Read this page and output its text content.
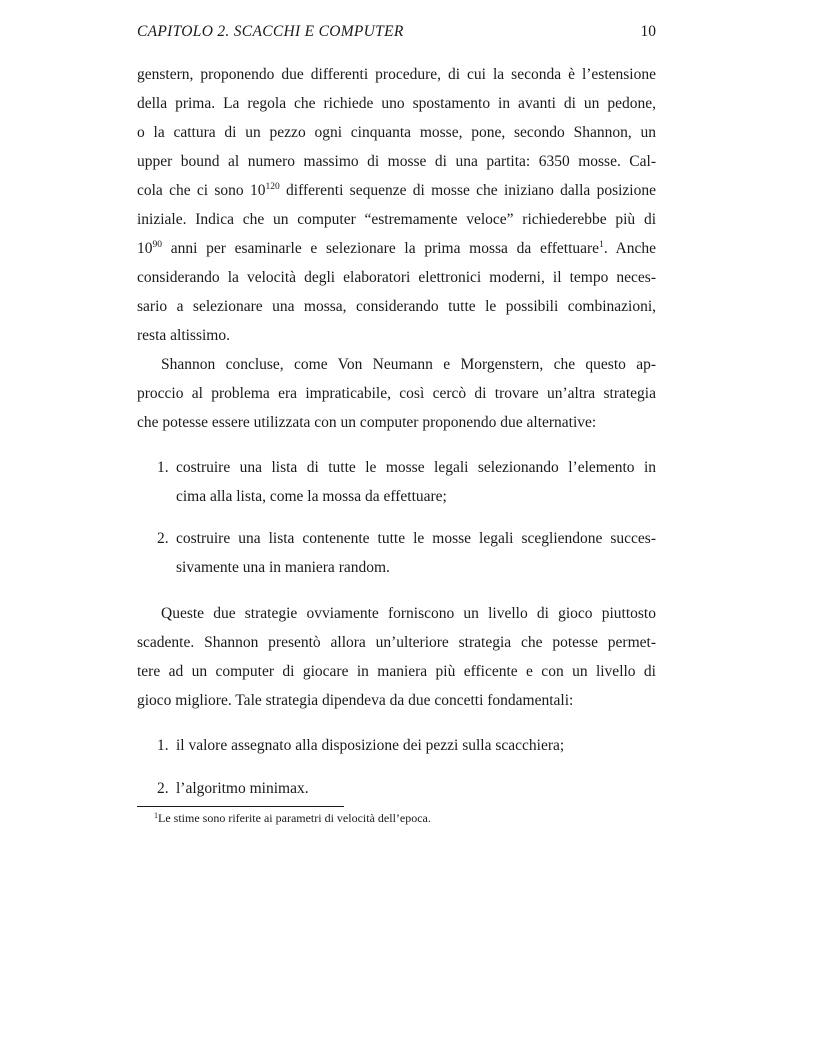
CAPITOLO 2. SCACCHI E COMPUTER	10
genstern, proponendo due differenti procedure, di cui la seconda è l’estensione
della prima. La regola che richiede uno spostamento in avanti di un pedone,
o la cattura di un pezzo ogni cinquanta mosse, pone, secondo Shannon, un
upper bound al numero massimo di mosse di una partita: 6350 mosse. Cal-
cola che ci sono $10^{120}$ differenti sequenze di mosse che iniziano dalla posizione
iniziale. Indica che un computer “estremamente veloce” richiederebbe più di
$10^{90}$ anni per esaminarle e selezionare la prima mossa da effettuare$^1$. Anche
considerando la velocità degli elaboratori elettronici moderni, il tempo neces-
sario a selezionare una mossa, considerando tutte le possibili combinazioni,
resta altissimo.
Shannon concluse, come Von Neumann e Morgenstern, che questo ap-
proccio al problema era impraticabile, così cercò di trovare un’altra strategia
che potesse essere utilizzata con un computer proponendo due alternative:
1. costruire una lista di tutte le mosse legali selezionando l’elemento in
cima alla lista, come la mossa da effettuare;
2. costruire una lista contenente tutte le mosse legali scegliendone succes-
sivamente una in maniera random.
Queste due strategie ovviamente forniscono un livello di gioco piuttosto
scadente. Shannon presentò allora un’ulteriore strategia che potesse permet-
tere ad un computer di giocare in maniera più efficente e con un livello di
gioco migliore. Tale strategia dipendeva da due concetti fondamentali:
1. il valore assegnato alla disposizione dei pezzi sulla scacchiera;
2. l’algoritmo minimax.
$^1$Le stime sono riferite ai parametri di velocità dell’epoca.
